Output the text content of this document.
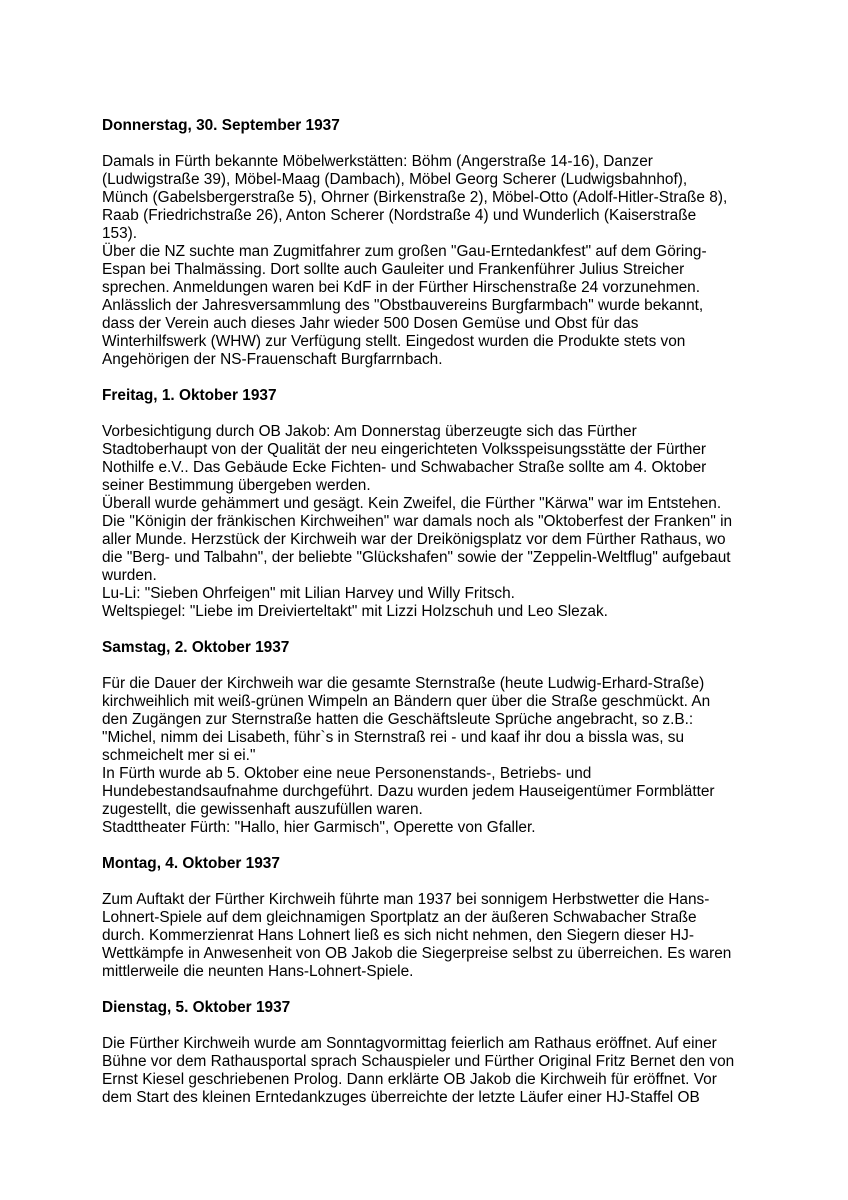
Donnerstag, 30. September 1937

Damals in Fürth bekannte Möbelwerkstätten: Böhm (Angerstraße 14-16), Danzer
(Ludwigstraße 39), Möbel-Maag (Dambach), Möbel Georg Scherer (Ludwigsbahnhof),
Münch (Gabelsbergerstraße 5), Ohrner (Birkenstraße 2), Möbel-Otto (Adolf-Hitler-Straße 8),
Raab (Friedrichstraße 26), Anton Scherer (Nordstraße 4) und Wunderlich (Kaiserstraße
153).

Über die NZ suchte man Zugmitfahrer zum großen "Gau-Erntedankfest" auf dem Göring-
Espan bei Thalmässing. Dort sollte auch Gauleiter und Frankenführer Julius Streicher
sprechen. Anmeldungen waren bei KdF in der Fürther Hirschenstraße 24 vorzunehmen.

Anlässlich der Jahresversammlung des "Obstbauvereins Burgfarmbach" wurde bekannt,
dass der Verein auch dieses Jahr wieder 500 Dosen Gemüse und Obst für das
Winterhilfswerk (WHW) zur Verfügung stellt. Eingedost wurden die Produkte stets von
Angehörigen der NS-Frauenschaft Burgfarrnbach.

Freitag, 1. Oktober 1937

Vorbesichtigung durch OB Jakob: Am Donnerstag überzeugte sich das Fürther
Stadtoberhaupt von der Qualität der neu eingerichteten Volksspeisungsstätte der Fürther
Nothilfe e.V.. Das Gebäude Ecke Fichten- und Schwabacher Straße sollte am 4. Oktober
seiner Bestimmung übergeben werden.

Überall wurde gehämmert und gesägt. Kein Zweifel, die Fürther "Kärwa" war im Entstehen.
Die "Königin der fränkischen Kirchweihen" war damals noch als "Oktoberfest der Franken" in
aller Munde. Herzstück der Kirchweih war der Dreikönigsplatz vor dem Fürther Rathaus, wo
die "Berg- und Talbahn", der beliebte "Glückshafen" sowie der "Zeppelin-Weltflug" aufgebaut
wurden.

Lu-Li: "Sieben Ohrfeigen" mit Lilian Harvey und Willy Fritsch.

Weltspiegel: "Liebe im Dreivierteltakt" mit Lizzi Holzschuh und Leo Slezak.

Samstag, 2. Oktober 1937

Für die Dauer der Kirchweih war die gesamte Sternstraße (heute Ludwig-Erhard-Straße)
kirchweihlich mit weiß-grünen Wimpeln an Bändern quer über die Straße geschmückt. An
den Zugängen zur Sternstraße hatten die Geschäftsleute Sprüche angebracht, so z.B.:
"Michel, nimm dei Lisabeth, führ`s in Sternstraß rei - und kaaf ihr dou a bissla was, su
schmeichelt mer si ei."

In Fürth wurde ab 5. Oktober eine neue Personenstands-, Betriebs- und
Hundebestandsaufnahme durchgeführt. Dazu wurden jedem Hauseigentümer Formblätter
zugestellt, die gewissenhaft auszufüllen waren.

Stadttheater Fürth: "Hallo, hier Garmisch", Operette von Gfaller.

Montag, 4. Oktober 1937

Zum Auftakt der Fürther Kirchweih führte man 1937 bei sonnigem Herbstwetter die Hans-
Lohnert-Spiele auf dem gleichnamigen Sportplatz an der äußeren Schwabacher Straße
durch. Kommerzienrat Hans Lohnert ließ es sich nicht nehmen, den Siegern dieser HJ-
Wettkämpfe in Anwesenheit von OB Jakob die Siegerpreise selbst zu überreichen. Es waren
mittlerweile die neunten Hans-Lohnert-Spiele.

Dienstag, 5. Oktober 1937

Die Fürther Kirchweih wurde am Sonntagvormittag feierlich am Rathaus eröffnet. Auf einer
Bühne vor dem Rathausportal sprach Schauspieler und Fürther Original Fritz Bernet den von
Ernst Kiesel geschriebenen Prolog. Dann erklärte OB Jakob die Kirchweih für eröffnet. Vor
dem Start des kleinen Erntedankzuges überreichte der letzte Läufer einer HJ-Staffel OB
